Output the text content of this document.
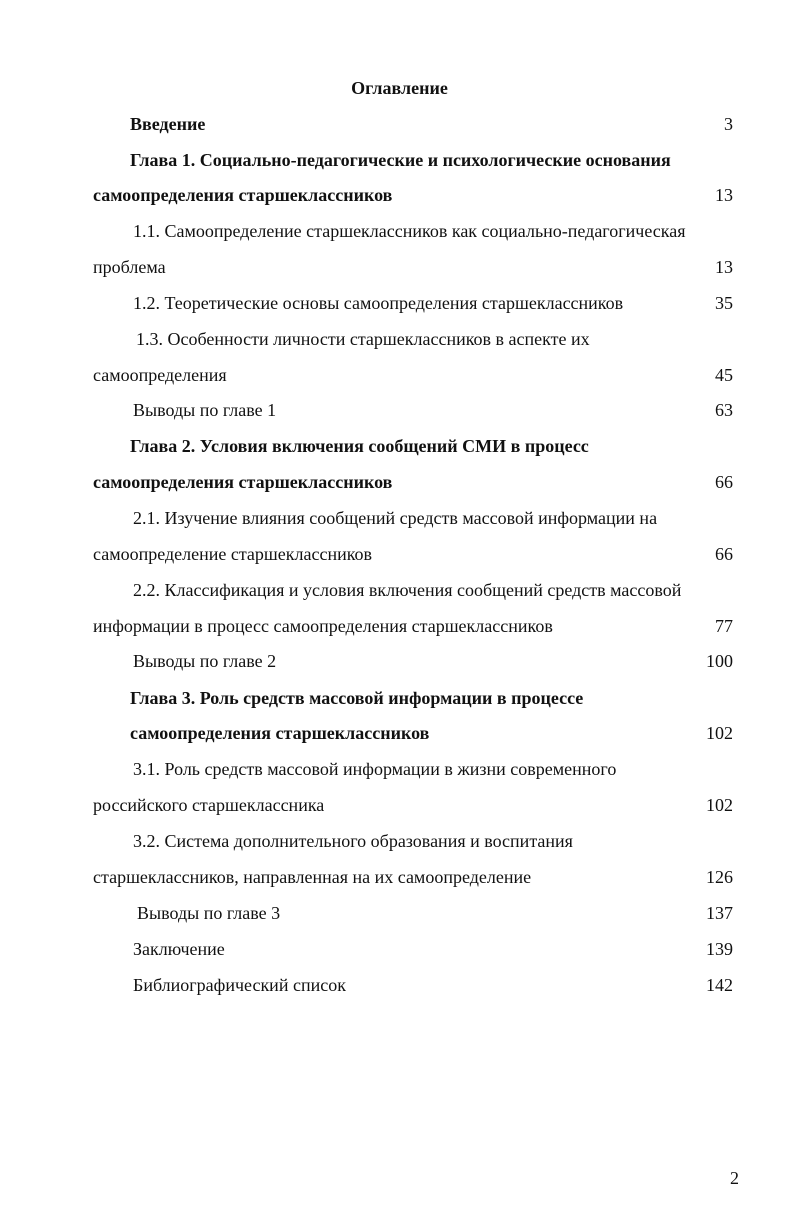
Оглавление
Введение	3
Глава 1. Социально-педагогические и психологические основания
самоопределения старшеклассников	13
1.1. Самоопределение старшеклассников как социально-педагогическая
проблема	13
1.2. Теоретические основы самоопределения старшеклассников	35
1.3. Особенности личности старшеклассников в аспекте их
самоопределения	45
Выводы по главе 1	63
Глава 2. Условия включения сообщений СМИ в процесс
самоопределения старшеклассников	66
2.1. Изучение влияния сообщений средств массовой информации на
самоопределение старшеклассников	66
2.2. Классификация и условия включения сообщений средств массовой
информации в процесс самоопределения старшеклассников	77
Выводы по главе 2	100
Глава 3. Роль средств массовой информации в процессе
самоопределения старшеклассников	102
3.1. Роль средств массовой информации в жизни современного
российского старшеклассника	102
3.2. Система дополнительного образования и воспитания
старшеклассников, направленная на их самоопределение	126
Выводы по главе 3	137
Заключение	139
Библиографический список	142
2
